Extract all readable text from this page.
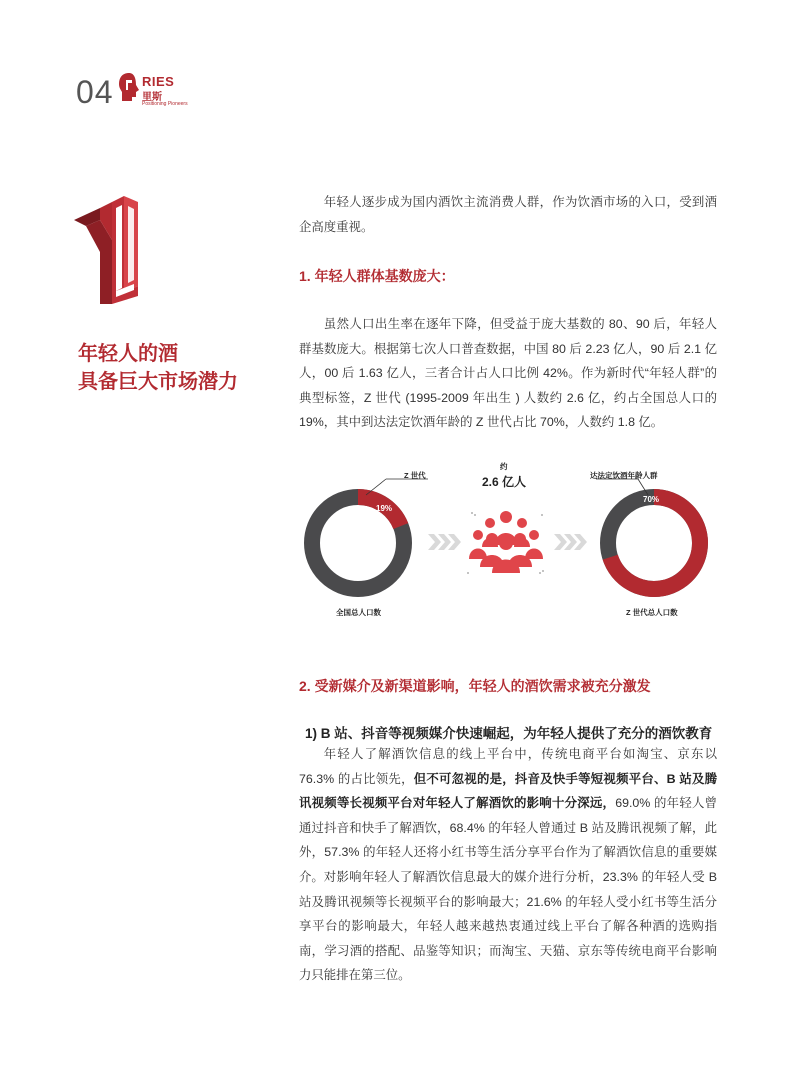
04 RIES
里斯
Positioning Pioneers
年轻人的酒
具备巨大市场潜力
年轻人逐步成为国内酒饮主流消费人群，作为饮酒市场的入口，受到酒企高度重视。
1. 年轻人群体基数庞大：
虽然人口出生率在逐年下降，但受益于庞大基数的 80、90 后，年轻人群基数庞大。根据第七次人口普查数据，中国 80 后 2.23 亿人，90 后 2.1 亿人，00 后 1.63 亿人，三者合计占人口比例 42%。作为新时代“年轻人群”的典型标签，Z 世代 (1995-2009 年出生 ) 人数约 2.6 亿，约占全国总人口的 19%，其中到达法定饮酒年龄的 Z 世代占比 70%，人数约 1.8 亿。
Z 世代
19%
全国总人口数
约
2.6 亿人	达法定饮酒年龄人群
70%
Z 世代总人口数
2. 受新媒介及新渠道影响，年轻人的酒饮需求被充分激发
1) B 站、抖音等视频媒介快速崛起，为年轻人提供了充分的酒饮教育
年轻人了解酒饮信息的线上平台中，传统电商平台如淘宝、京东以 76.3% 的占比领先，但不可忽视的是，抖音及快手等短视频平台、B 站及腾讯视频等长视频平台对年轻人了解酒饮的影响十分深远，69.0% 的年轻人曾通过抖音和快手了解酒饮，68.4% 的年轻人曾通过 B 站及腾讯视频了解，此外，57.3% 的年轻人还将小红书等生活分享平台作为了解酒饮信息的重要媒介。 对影响年轻人了解酒饮信息最大的媒介进行分析，23.3% 的年轻人受 B 站及腾讯视频等长视频平台的影响最大；21.6% 的年轻人受小红书等生活分享平台的影响最大，年轻人越来越热衷通过线上平台了解各种酒的选购指南，学习酒的搭配、品鉴等知识；而淘宝、天猫、京东等传统电商平台影响力只能排在第三位。
